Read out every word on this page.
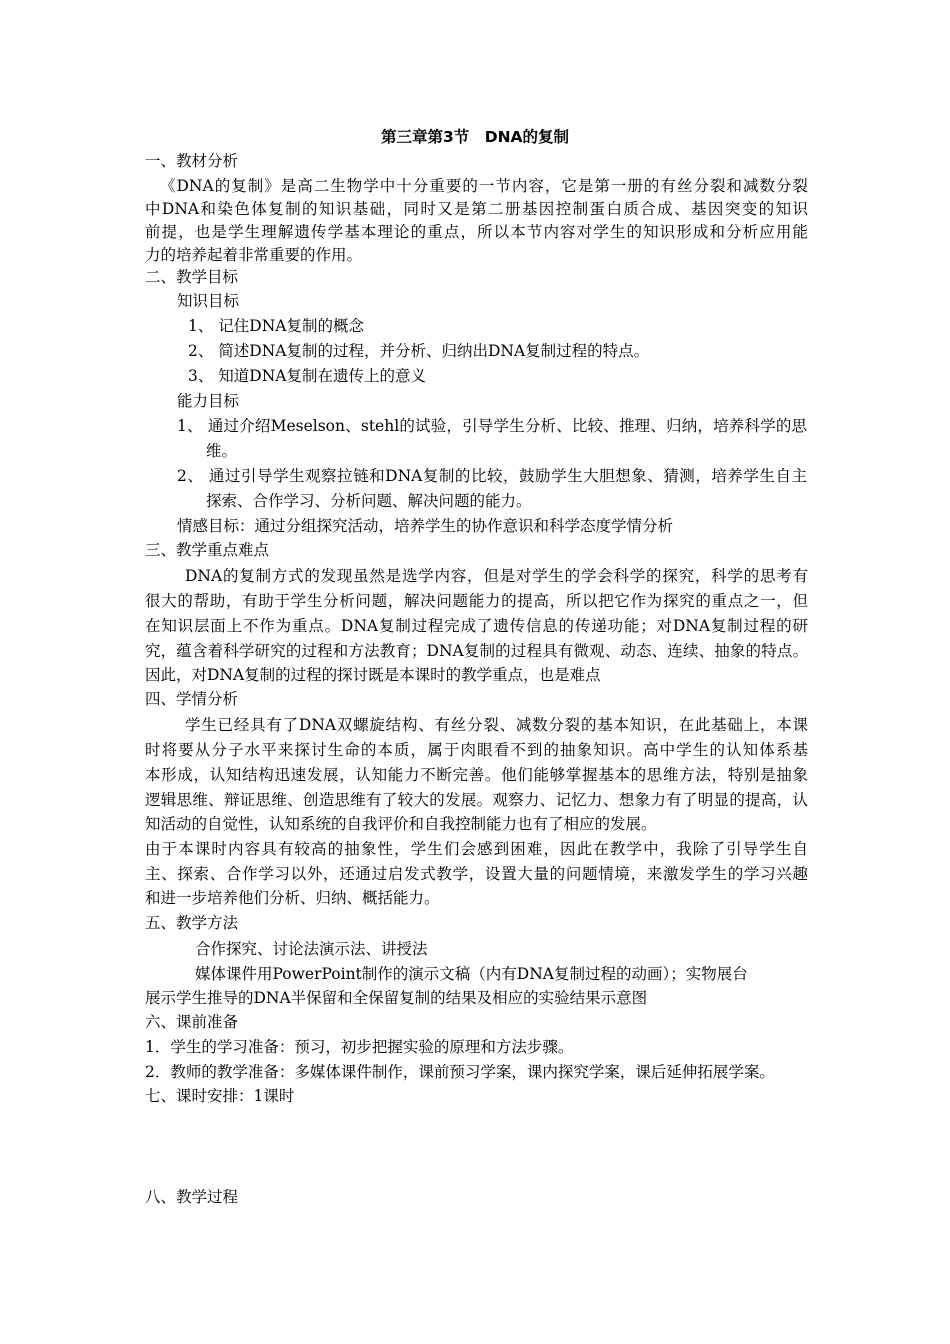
第三章第3节　DNA的复制
一、教材分析
《DNA的复制》是高二生物学中十分重要的一节内容，它是第一册的有丝分裂和减数分裂
中DNA和染色体复制的知识基础，同时又是第二册基因控制蛋白质合成、基因突变的知识
前提，也是学生理解遗传学基本理论的重点，所以本节内容对学生的知识形成和分析应用能
力的培养起着非常重要的作用。
二、教学目标
知识目标
1、 记住DNA复制的概念
2、 简述DNA复制的过程，并分析、归纳出DNA复制过程的特点。
3、 知道DNA复制在遗传上的意义
能力目标
1、 通过介绍Meselson、stehl的试验，引导学生分析、比较、推理、归纳，培养科学的思
维。
2、 通过引导学生观察拉链和DNA复制的比较，鼓励学生大胆想象、猜测，培养学生自主
探索、合作学习、分析问题、解决问题的能力。
情感目标：通过分组探究活动，培养学生的协作意识和科学态度学情分析
三、教学重点难点
DNA的复制方式的发现虽然是选学内容，但是对学生的学会科学的探究，科学的思考有
很大的帮助，有助于学生分析问题，解决问题能力的提高，所以把它作为探究的重点之一，但
在知识层面上不作为重点。DNA复制过程完成了遗传信息的传递功能；对DNA复制过程的研
究，蕴含着科学研究的过程和方法教育；DNA复制的过程具有微观、动态、连续、抽象的特点。
因此，对DNA复制的过程的探讨既是本课时的教学重点，也是难点
四、学情分析
学生已经具有了DNA双螺旋结构、有丝分裂、减数分裂的基本知识，在此基础上，本课
时将要从分子水平来探讨生命的本质，属于肉眼看不到的抽象知识。高中学生的认知体系基
本形成，认知结构迅速发展，认知能力不断完善。他们能够掌握基本的思维方法，特别是抽象
逻辑思维、辩证思维、创造思维有了较大的发展。观察力、记忆力、想象力有了明显的提高，认
知活动的自觉性，认知系统的自我评价和自我控制能力也有了相应的发展。
由于本课时内容具有较高的抽象性，学生们会感到困难，因此在教学中，我除了引导学生自
主、探索、合作学习以外，还通过启发式教学，设置大量的问题情境，来激发学生的学习兴趣
和进一步培养他们分析、归纳、概括能力。
五、教学方法
合作探究、讨论法演示法、讲授法
媒体课件用PowerPoint制作的演示文稿（内有DNA复制过程的动画）；实物展台
展示学生推导的DNA半保留和全保留复制的结果及相应的实验结果示意图
六、课前准备
1．学生的学习准备：预习，初步把握实验的原理和方法步骤。
2．教师的教学准备：多媒体课件制作，课前预习学案，课内探究学案，课后延伸拓展学案。
七、课时安排：1课时
八、教学过程
